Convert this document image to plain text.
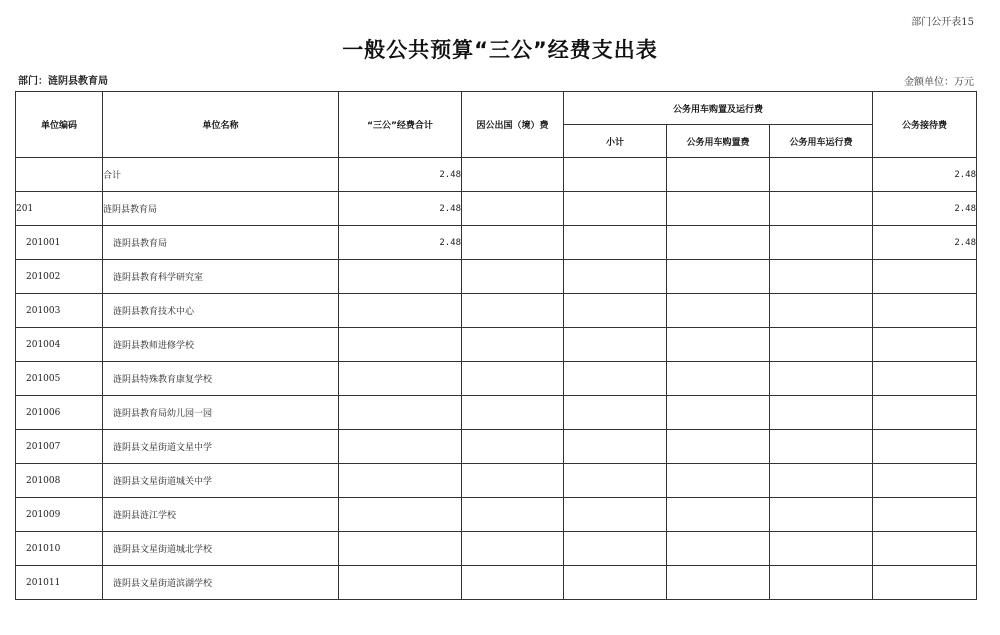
部门公开表15
一般公共预算“三公”经费支出表
部门：涟阴县教育局	金额单位：万元
单位编码	单位名称	“三公”经费合计	因公出国（境）费	公务用车购置及运行费			公务接待费
				小计	公务用车购置费	公务用车运行费	
	合计	2.48					2.48
201	涟阴县教育局	2.48					2.48
201001	涟阴县教育局	2.48					2.48
201002	涟阴县教育科学研究室						
201003	涟阴县教育技术中心						
201004	涟阴县教师进修学校						
201005	涟阴县特殊教育康复学校						
201006	涟阴县教育局幼儿园一园						
201007	涟阴县文星街道文星中学						
201008	涟阴县文星街道城关中学						
201009	涟阴县涟江学校						
201010	涟阴县文星街道城北学校						
201011	涟阴县文星街道滨湖学校						
